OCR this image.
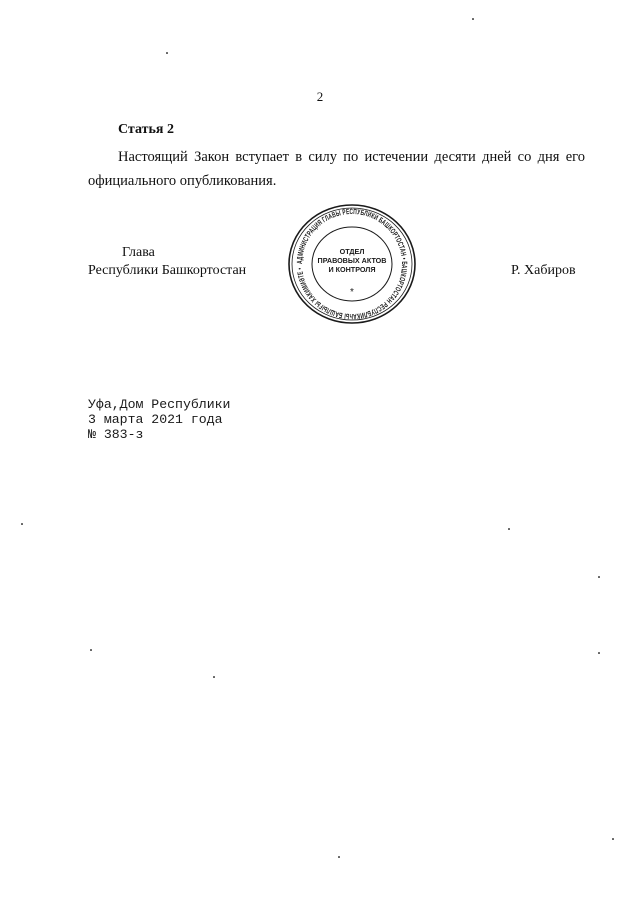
2
Статья 2

Настоящий Закон вступает в силу по истечении десяти дней со дня его официального опубликования.

Глава
Республики Башкортостан	Р. Хабиров
АДМИНИСТРАЦИЯ ГЛАВЫ РЕСПУБЛИКИ БАШКОРТОСТАН • БАШКОРТОСТАН РЕСПУБЛИКАҺЫ БАШЛЫҒЫ ХАКИМИӘТЕ •
*
ОТДЕЛ
ПРАВОВЫХ АКТОВ
И КОНТРОЛЯ
Уфа,Дом Республики
3 марта 2021 года
№ 383-з
